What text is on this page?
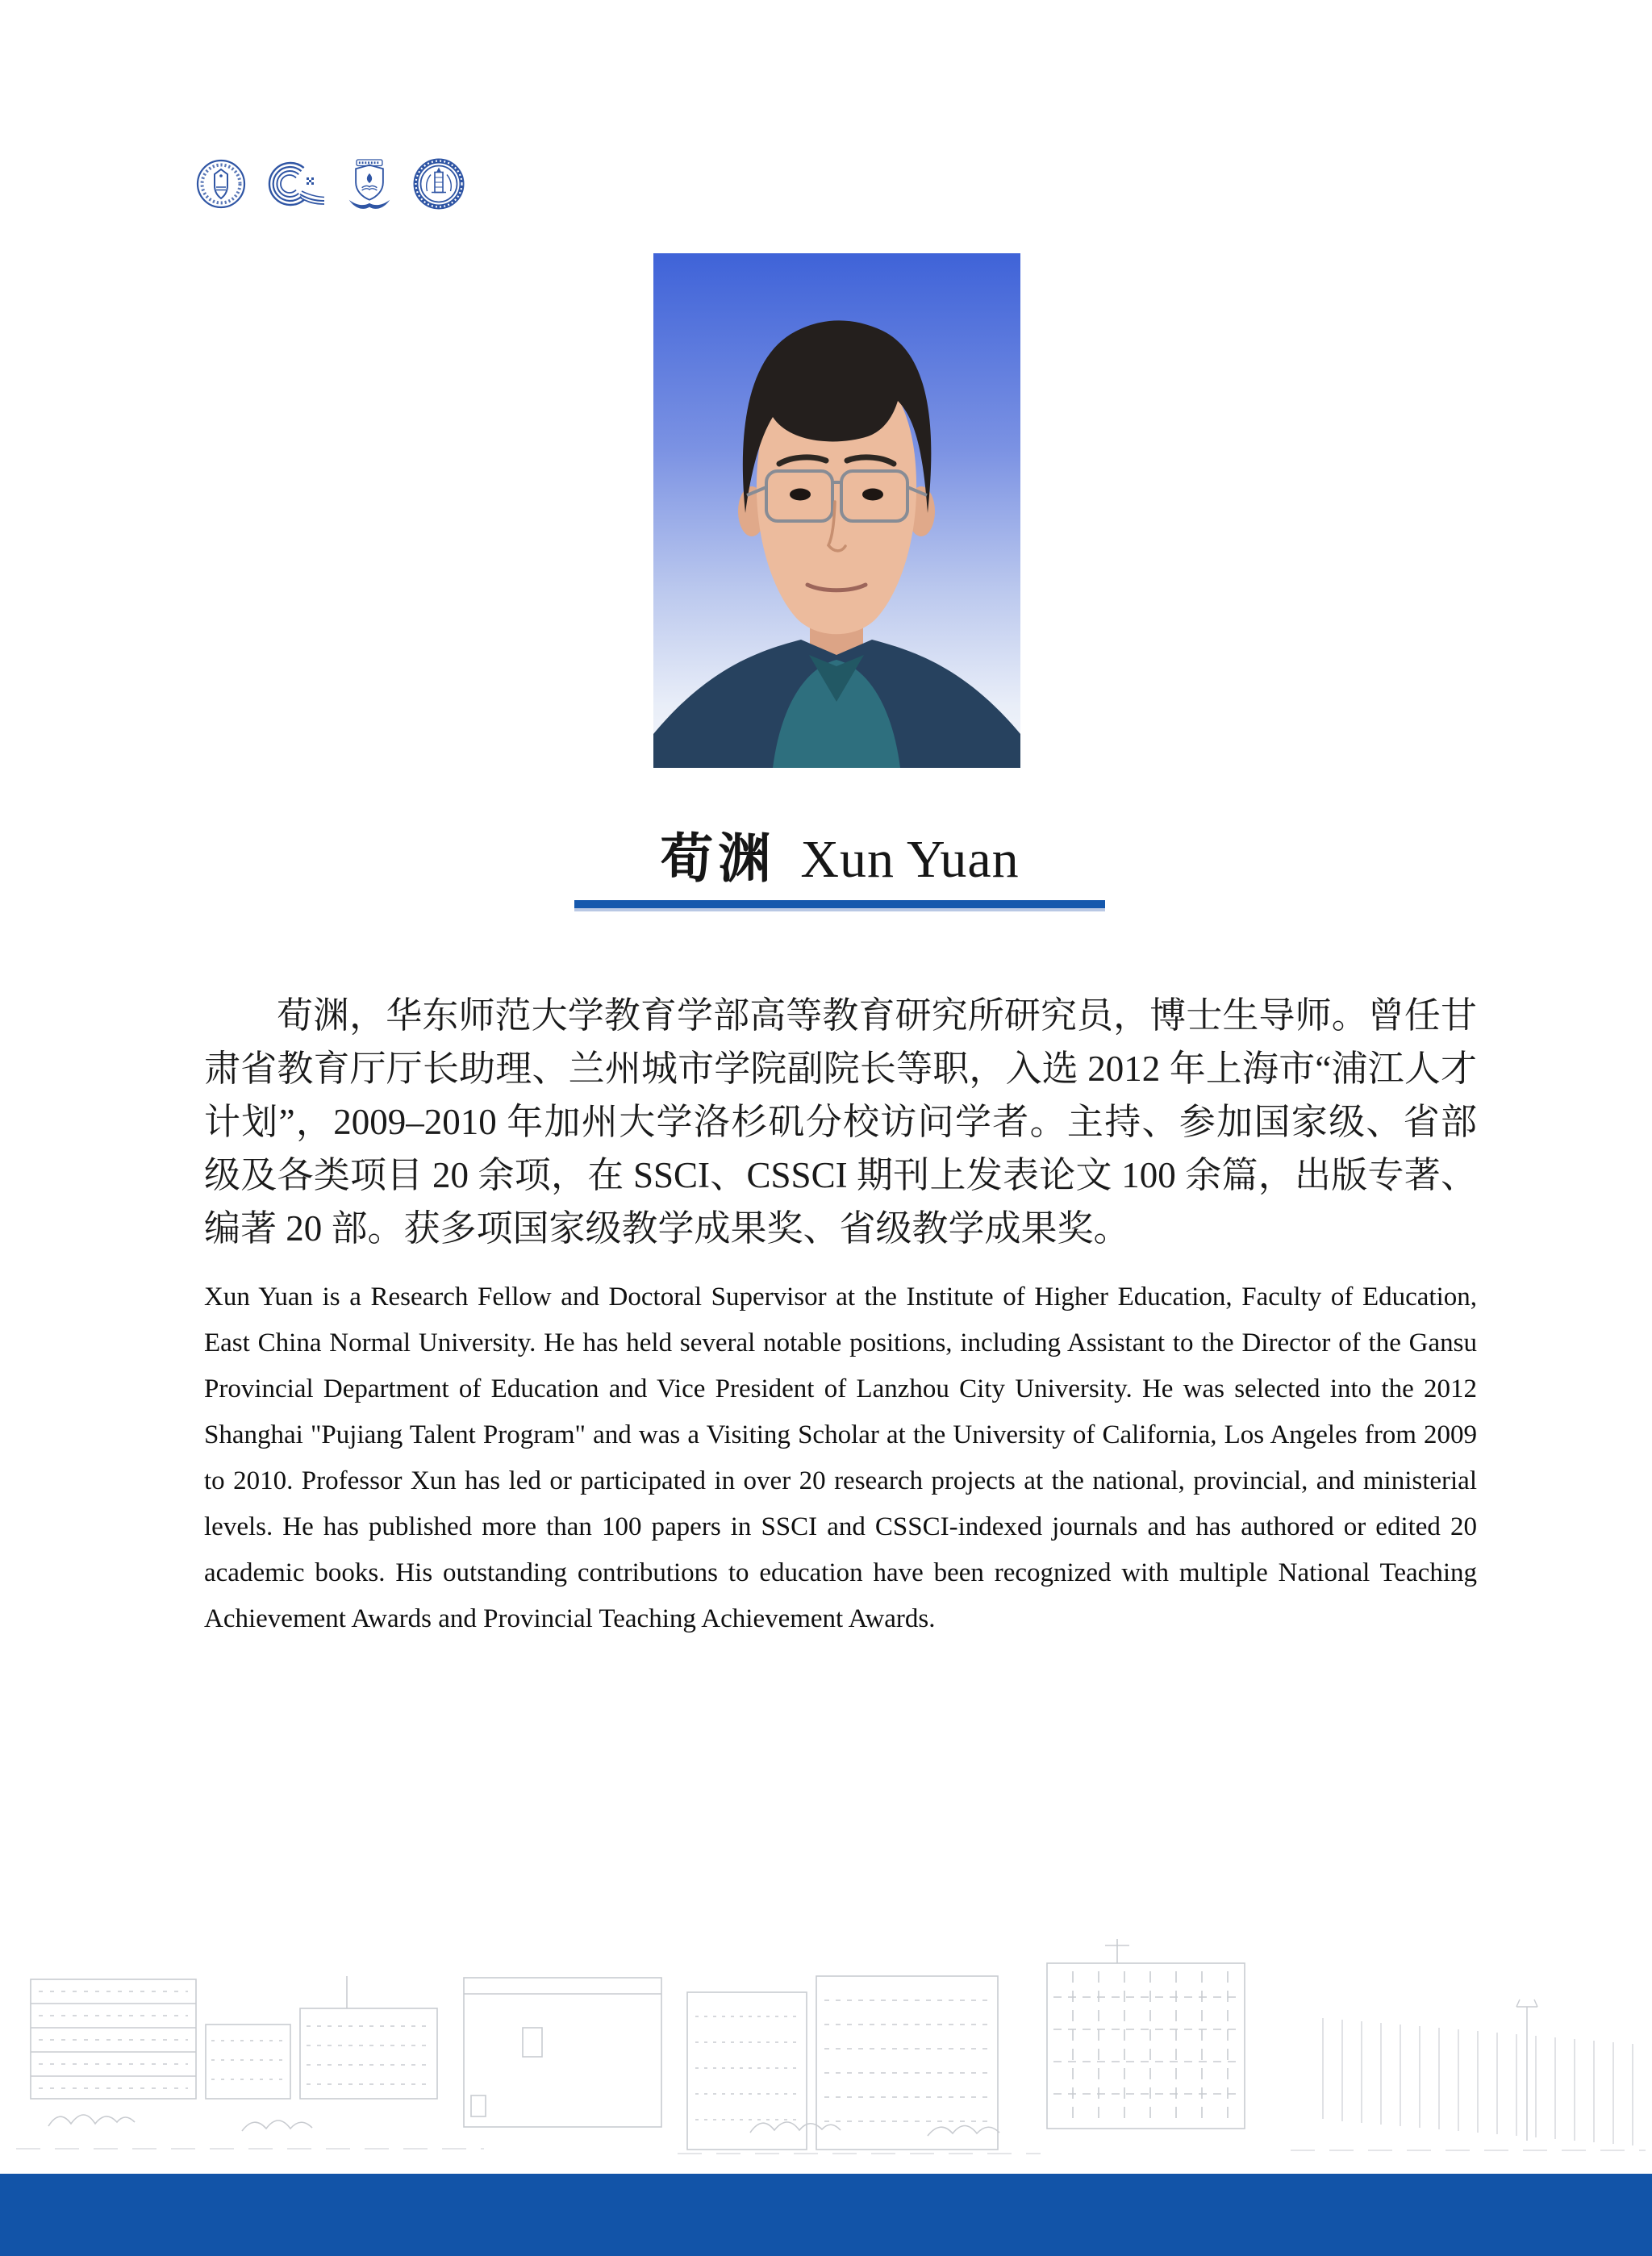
荀渊 Xun Yuan

荀渊，华东师范大学教育学部高等教育研究所研究员，博士生导师。曾任甘肃省教育厅厅长助理、兰州城市学院副院长等职，入选 2012 年上海市“浦江人才计划”，2009–2010 年加州大学洛杉矶分校访问学者。主持、参加国家级、省部级及各类项目 20 余项，在 SSCI、CSSCI 期刊上发表论文 100 余篇，出版专著、编著 20 部。获多项国家级教学成果奖、省级教学成果奖。

Xun Yuan is a Research Fellow and Doctoral Supervisor at the Institute of Higher Education, Faculty of Education, East China Normal University. He has held several notable positions, including Assistant to the Director of the Gansu Provincial Department of Education and Vice President of Lanzhou City University. He was selected into the 2012 Shanghai "Pujiang Talent Program" and was a Visiting Scholar at the University of California, Los Angeles from 2009 to 2010. Professor Xun has led or participated in over 20 research projects at the national, provincial, and ministerial levels. He has published more than 100 papers in SSCI and CSSCI-indexed journals and has authored or edited 20 academic books. His outstanding contributions to education have been recognized with multiple National Teaching Achievement Awards and Provincial Teaching Achievement Awards.
